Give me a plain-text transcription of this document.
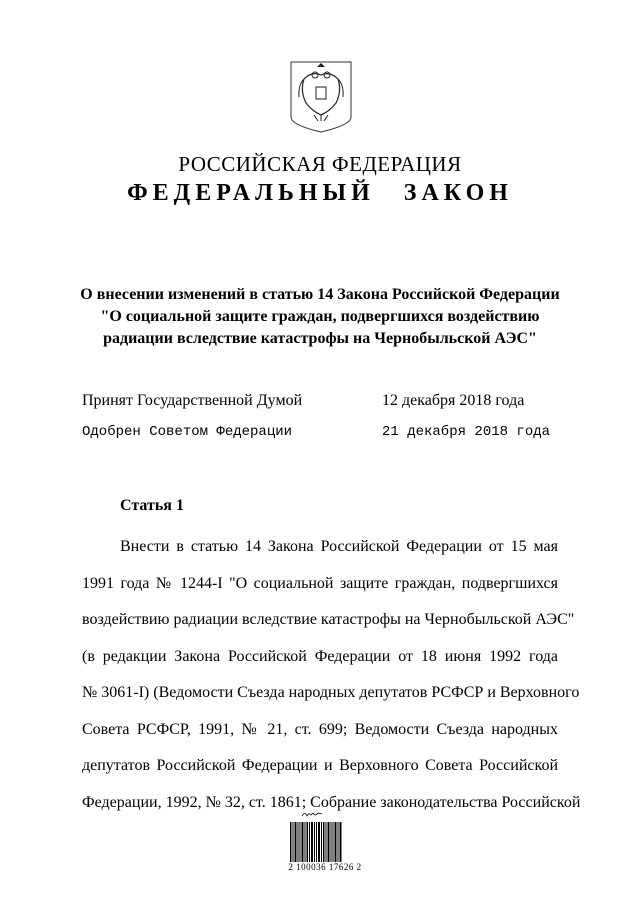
РОССИЙСКАЯ ФЕДЕРАЦИЯ
ФЕДЕРАЛЬНЫЙ ЗАКОН
О внесении изменений в статью 14 Закона Российской Федерации
"О социальной защите граждан, подвергшихся воздействию
радиации вследствие катастрофы на Чернобыльской АЭС"
Принят Государственной Думой	12 декабря 2018 года
Одобрен Советом Федерации	21 декабря 2018 года
Статья 1
Внести в статью 14 Закона Российской Федерации от 15 мая
1991 года № 1244-I "О социальной защите граждан, подвергшихся
воздействию радиации вследствие катастрофы на Чернобыльской АЭС"
(в редакции Закона Российской Федерации от 18 июня 1992 года
№ 3061-I) (Ведомости Съезда народных депутатов РСФСР и Верховного
Совета РСФСР, 1991, № 21, ст. 699; Ведомости Съезда народных
депутатов Российской Федерации и Верховного Совета Российской
Федерации, 1992, № 32, ст. 1861; Собрание законодательства Российской
2 100036 17626 2
